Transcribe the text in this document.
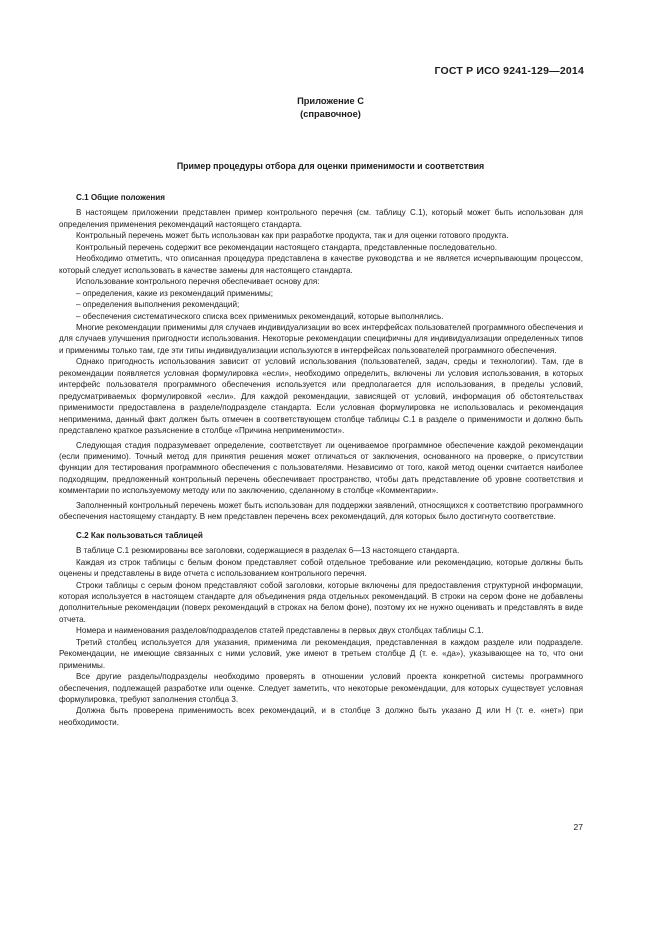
ГОСТ Р ИСО 9241-129—2014
Приложение С
(справочное)
Пример процедуры отбора для оценки применимости и соответствия

С.1 Общие положения

В настоящем приложении представлен пример контрольного перечня (см. таблицу С.1), который может быть использован для определения применения рекомендаций настоящего стандарта.

Контрольный перечень может быть использован как при разработке продукта, так и для оценки готового продукта.

Контрольный перечень содержит все рекомендации настоящего стандарта, представленные последовательно.

Необходимо отметить, что описанная процедура представлена в качестве руководства и не является исчерпывающим процессом, который следует использовать в качестве замены для настоящего стандарта.

Использование контрольного перечня обеспечивает основу для:

– определения, какие из рекомендаций применимы;

– определения выполнения рекомендаций;

– обеспечения систематического списка всех применимых рекомендаций, которые выполнялись.

Многие рекомендации применимы для случаев индивидуализации во всех интерфейсах пользователей программного обеспечения и для случаев улучшения пригодности использования. Некоторые рекомендации специфичны для индивидуализации определенных типов и применимы только там, где эти типы индивидуализации используются в интерфейсах пользователей программного обеспечения.

Однако пригодность использования зависит от условий использования (пользователей, задач, среды и технологии). Там, где в рекомендации появляется условная формулировка «если», необходимо определить, включены ли условия использования, в которых интерфейс пользователя программного обеспечения используется или предполагается для использования, в пределы условий, предусматриваемых формулировкой «если». Для каждой рекомендации, зависящей от условий, информация об обстоятельствах применимости предоставлена в разделе/подразделе стандарта. Если условная формулировка не использовалась и рекомендация неприменима, данный факт должен быть отмечен в соответствующем столбце таблицы С.1 в разделе о применимости и должно быть представлено краткое разъяснение в столбце «Причина неприменимости».

Следующая стадия подразумевает определение, соответствует ли оцениваемое программное обеспечение каждой рекомендации (если применимо). Точный метод для принятия решения может отличаться от заключения, основанного на проверке, о присутствии функции для тестирования программного обеспечения с пользователями. Независимо от того, какой метод оценки считается наиболее подходящим, предложенный контрольный перечень обеспечивает пространство, чтобы дать представление об уровне соответствия и комментарии по используемому методу или по заключению, сделанному в столбце «Комментарии».

Заполненный контрольный перечень может быть использован для поддержки заявлений, относящихся к соответствию программного обеспечения настоящему стандарту. В нем представлен перечень всех рекомендаций, для которых было достигнуто соответствие.

С.2 Как пользоваться таблицей

В таблице С.1 резюмированы все заголовки, содержащиеся в разделах 6—13 настоящего стандарта.

Каждая из строк таблицы с белым фоном представляет собой отдельное требование или рекомендацию, которые должны быть оценены и представлены в виде отчета с использованием контрольного перечня.

Строки таблицы с серым фоном представляют собой заголовки, которые включены для предоставления структурной информации, которая используется в настоящем стандарте для объединения ряда отдельных рекомендаций. В строки на сером фоне не добавлены дополнительные рекомендации (поверх рекомендаций в строках на белом фоне), поэтому их не нужно оценивать и представлять в виде отчета.

Номера и наименования разделов/подразделов статей представлены в первых двух столбцах таблицы С.1.

Третий столбец используется для указания, применима ли рекомендация, представленная в каждом разделе или подразделе. Рекомендации, не имеющие связанных с ними условий, уже имеют в третьем столбце Д (т. е. «да»), указывающее на то, что они применимы.

Все другие разделы/подразделы необходимо проверять в отношении условий проекта конкретной системы программного обеспечения, подлежащей разработке или оценке. Следует заметить, что некоторые рекомендации, для которых существует условная формулировка, требуют заполнения столбца 3.

Должна быть проверена применимость всех рекомендаций, и в столбце 3 должно быть указано Д или Н (т. е. «нет») при необходимости.

27
